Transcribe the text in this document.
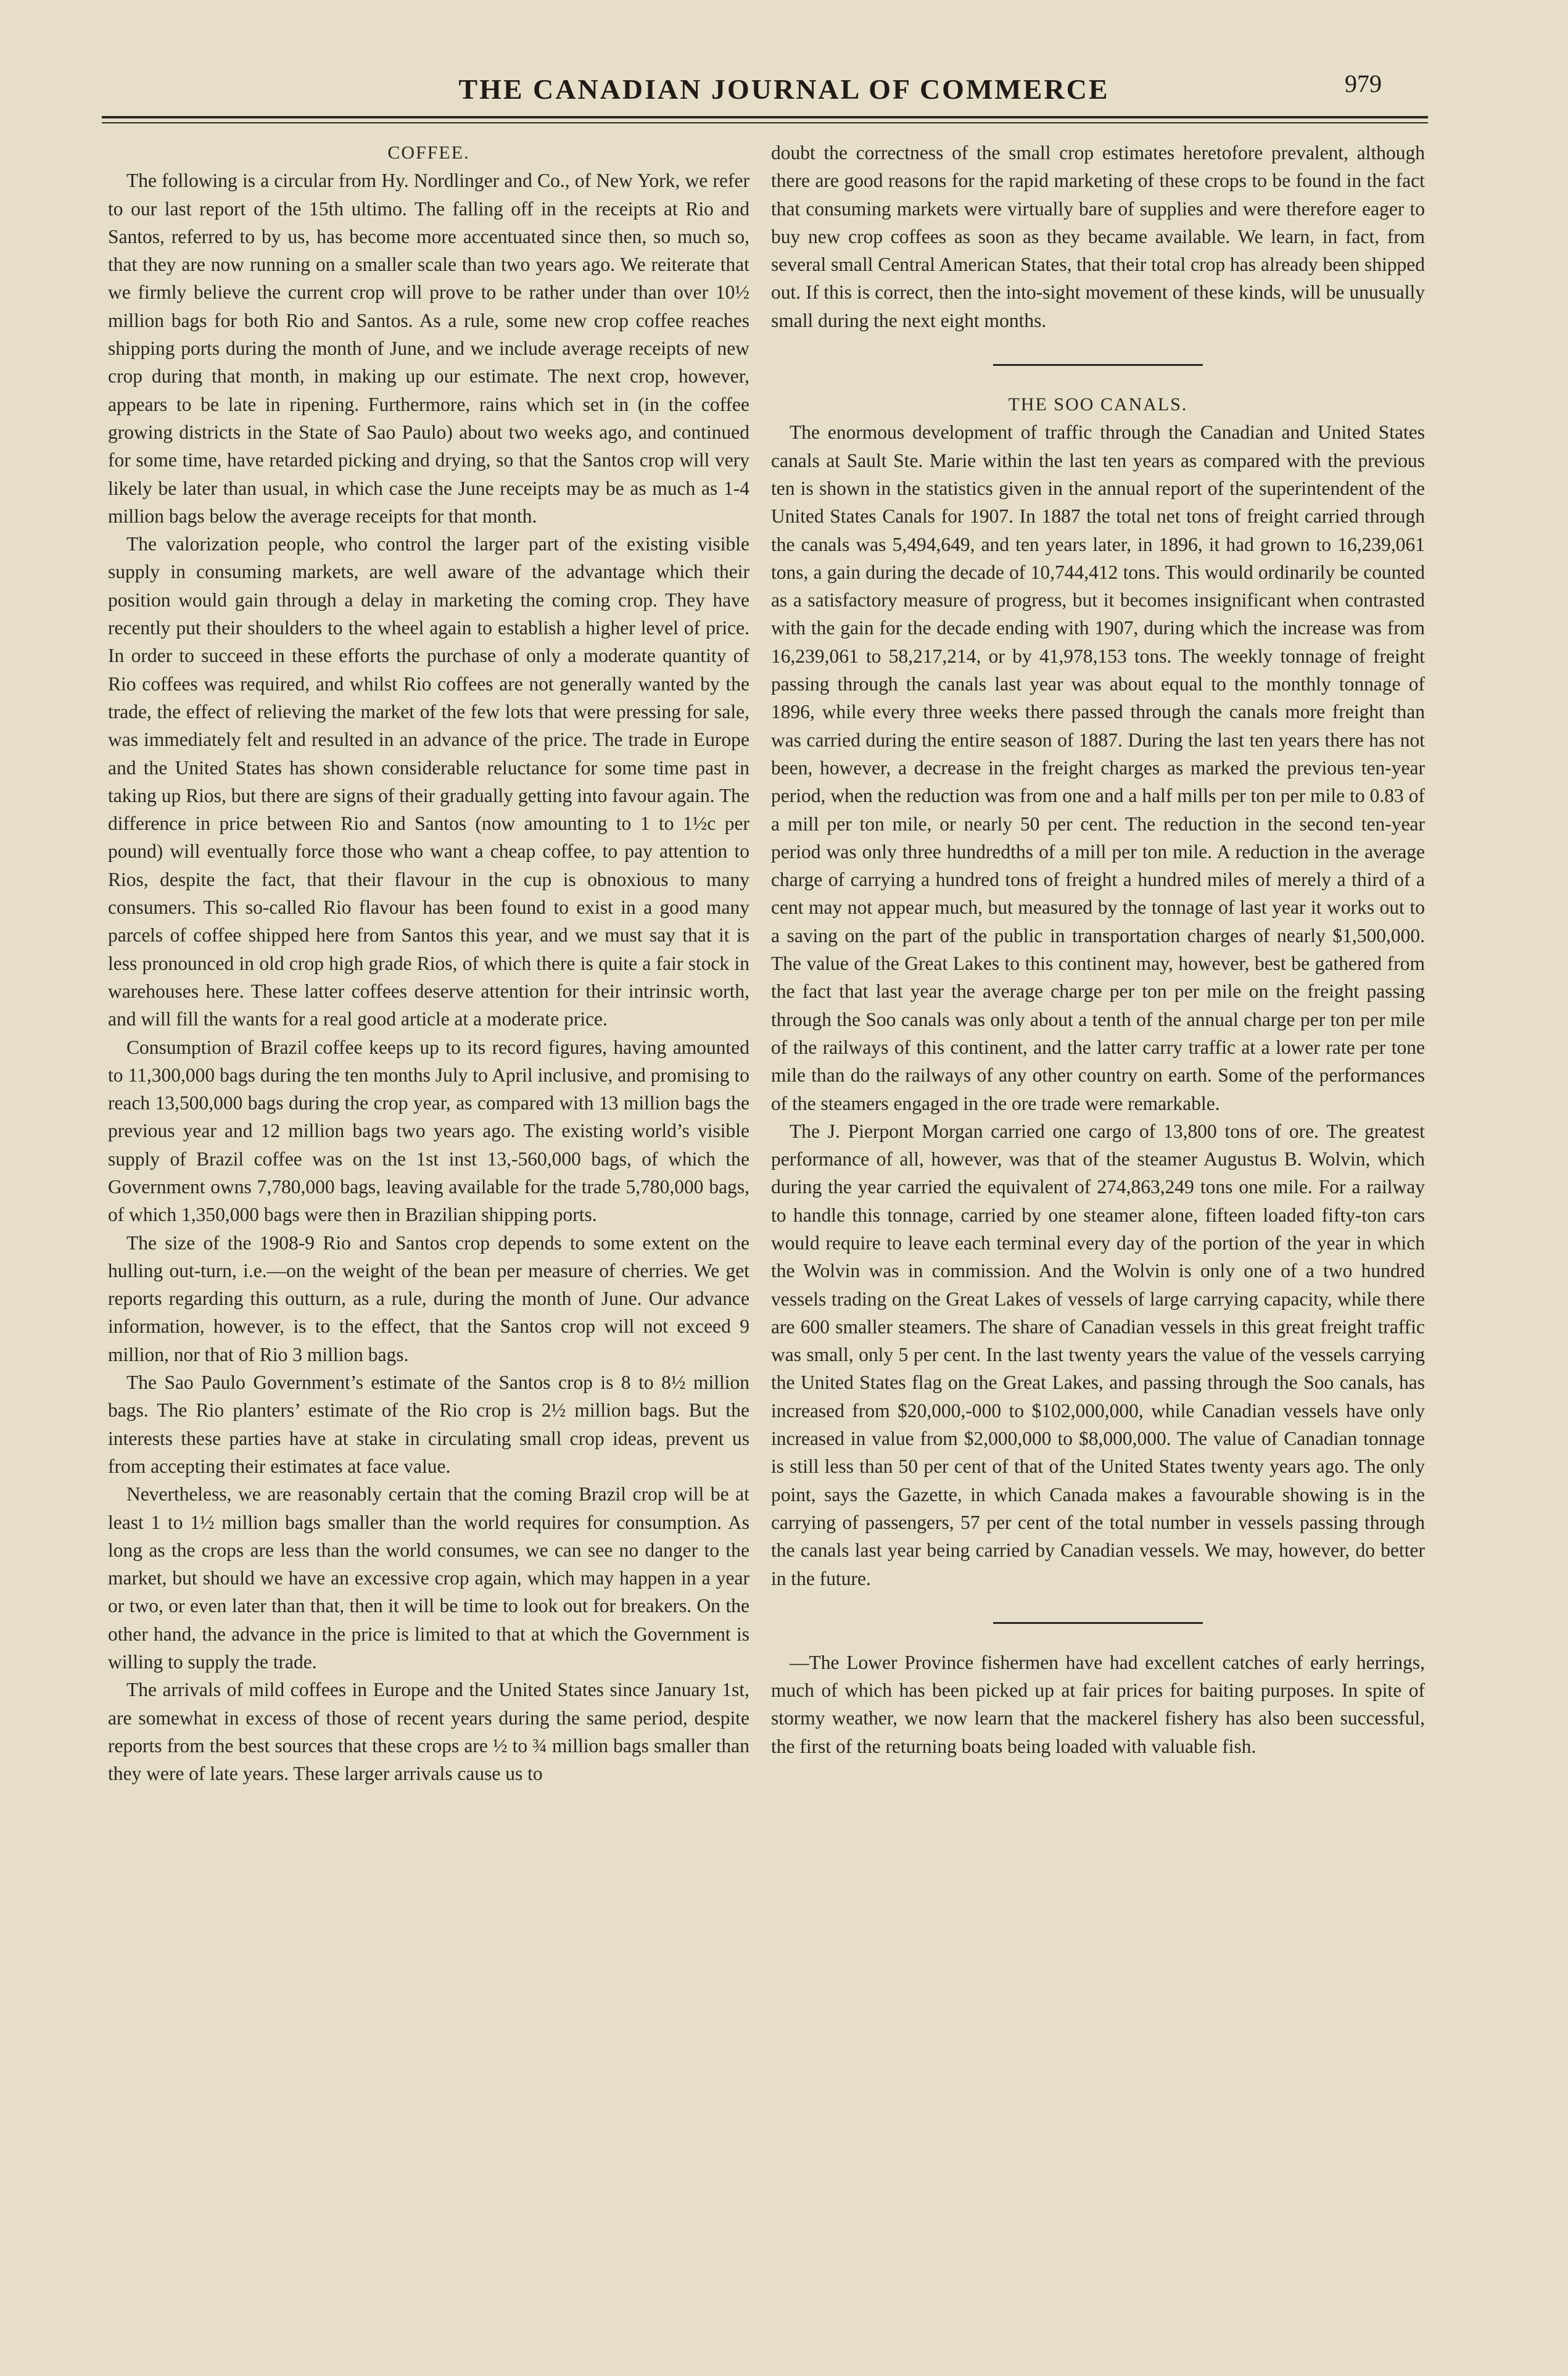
THE CANADIAN JOURNAL OF COMMERCE	979

COFFEE.

The following is a circular from Hy. Nordlinger and Co., of New York, we refer to our last report of the 15th ultimo. The falling off in the receipts at Rio and Santos, referred to by us, has become more accentuated since then, so much so, that they are now running on a smaller scale than two years ago. We reiterate that we firmly believe the current crop will prove to be rather under than over 10½ million bags for both Rio and Santos. As a rule, some new crop coffee reaches shipping ports during the month of June, and we include average receipts of new crop during that month, in making up our estimate. The next crop, however, appears to be late in ripening. Furthermore, rains which set in (in the coffee growing districts in the State of Sao Paulo) about two weeks ago, and continued for some time, have retarded picking and drying, so that the Santos crop will very likely be later than usual, in which case the June receipts may be as much as 1-4 million bags below the average receipts for that month.

The valorization people, who control the larger part of the existing visible supply in consuming markets, are well aware of the advantage which their position would gain through a delay in marketing the coming crop. They have recently put their shoulders to the wheel again to establish a higher level of price. In order to succeed in these efforts the purchase of only a moderate quantity of Rio coffees was required, and whilst Rio coffees are not generally wanted by the trade, the effect of relieving the market of the few lots that were pressing for sale, was immediately felt and resulted in an advance of the price. The trade in Europe and the United States has shown considerable reluctance for some time past in taking up Rios, but there are signs of their gradually getting into favour again. The difference in price between Rio and Santos (now amounting to 1 to 1½c per pound) will eventually force those who want a cheap coffee, to pay attention to Rios, despite the fact, that their flavour in the cup is obnoxious to many consumers. This so-called Rio flavour has been found to exist in a good many parcels of coffee shipped here from Santos this year, and we must say that it is less pronounced in old crop high grade Rios, of which there is quite a fair stock in warehouses here. These latter coffees deserve attention for their intrinsic worth, and will fill the wants for a real good article at a moderate price.

Consumption of Brazil coffee keeps up to its record figures, having amounted to 11,300,000 bags during the ten months July to April inclusive, and promising to reach 13,500,000 bags during the crop year, as compared with 13 million bags the previous year and 12 million bags two years ago. The existing world’s visible supply of Brazil coffee was on the 1st inst 13,-560,000 bags, of which the Government owns 7,780,000 bags, leaving available for the trade 5,780,000 bags, of which 1,350,000 bags were then in Brazilian shipping ports.

The size of the 1908-9 Rio and Santos crop depends to some extent on the hulling out-turn, i.e.—on the weight of the bean per measure of cherries. We get reports regarding this outturn, as a rule, during the month of June. Our advance information, however, is to the effect, that the Santos crop will not exceed 9 million, nor that of Rio 3 million bags.

The Sao Paulo Government’s estimate of the Santos crop is 8 to 8½ million bags. The Rio planters’ estimate of the Rio crop is 2½ million bags. But the interests these parties have at stake in circulating small crop ideas, prevent us from accepting their estimates at face value.

Nevertheless, we are reasonably certain that the coming Brazil crop will be at least 1 to 1½ million bags smaller than the world requires for consumption. As long as the crops are less than the world consumes, we can see no danger to the market, but should we have an excessive crop again, which may happen in a year or two, or even later than that, then it will be time to look out for breakers. On the other hand, the advance in the price is limited to that at which the Government is willing to supply the trade.

The arrivals of mild coffees in Europe and the United States since January 1st, are somewhat in excess of those of recent years during the same period, despite reports from the best sources that these crops are ½ to ¾ million bags smaller than they were of late years. These larger arrivals cause us to

doubt the correctness of the small crop estimates heretofore prevalent, although there are good reasons for the rapid marketing of these crops to be found in the fact that consuming markets were virtually bare of supplies and were therefore eager to buy new crop coffees as soon as they became available. We learn, in fact, from several small Central American States, that their total crop has already been shipped out. If this is correct, then the into-sight movement of these kinds, will be unusually small during the next eight months.

THE SOO CANALS.

The enormous development of traffic through the Canadian and United States canals at Sault Ste. Marie within the last ten years as compared with the previous ten is shown in the statistics given in the annual report of the superintendent of the United States Canals for 1907. In 1887 the total net tons of freight carried through the canals was 5,494,649, and ten years later, in 1896, it had grown to 16,239,061 tons, a gain during the decade of 10,744,412 tons. This would ordinarily be counted as a satisfactory measure of progress, but it becomes insignificant when contrasted with the gain for the decade ending with 1907, during which the increase was from 16,239,061 to 58,217,214, or by 41,978,153 tons. The weekly tonnage of freight passing through the canals last year was about equal to the monthly tonnage of 1896, while every three weeks there passed through the canals more freight than was carried during the entire season of 1887. During the last ten years there has not been, however, a decrease in the freight charges as marked the previous ten-year period, when the reduction was from one and a half mills per ton per mile to 0.83 of a mill per ton mile, or nearly 50 per cent. The reduction in the second ten-year period was only three hundredths of a mill per ton mile. A reduction in the average charge of carrying a hundred tons of freight a hundred miles of merely a third of a cent may not appear much, but measured by the tonnage of last year it works out to a saving on the part of the public in transportation charges of nearly $1,500,000. The value of the Great Lakes to this continent may, however, best be gathered from the fact that last year the average charge per ton per mile on the freight passing through the Soo canals was only about a tenth of the annual charge per ton per mile of the railways of this continent, and the latter carry traffic at a lower rate per tone mile than do the railways of any other country on earth. Some of the performances of the steamers engaged in the ore trade were remarkable.

The J. Pierpont Morgan carried one cargo of 13,800 tons of ore. The greatest performance of all, however, was that of the steamer Augustus B. Wolvin, which during the year carried the equivalent of 274,863,249 tons one mile. For a railway to handle this tonnage, carried by one steamer alone, fifteen loaded fifty-ton cars would require to leave each terminal every day of the portion of the year in which the Wolvin was in commission. And the Wolvin is only one of a two hundred vessels trading on the Great Lakes of vessels of large carrying capacity, while there are 600 smaller steamers. The share of Canadian vessels in this great freight traffic was small, only 5 per cent. In the last twenty years the value of the vessels carrying the United States flag on the Great Lakes, and passing through the Soo canals, has increased from $20,000,-000 to $102,000,000, while Canadian vessels have only increased in value from $2,000,000 to $8,000,000. The value of Canadian tonnage is still less than 50 per cent of that of the United States twenty years ago. The only point, says the Gazette, in which Canada makes a favourable showing is in the carrying of passengers, 57 per cent of the total number in vessels passing through the canals last year being carried by Canadian vessels. We may, however, do better in the future.

—The Lower Province fishermen have had excellent catches of early herrings, much of which has been picked up at fair prices for baiting purposes. In spite of stormy weather, we now learn that the mackerel fishery has also been successful, the first of the returning boats being loaded with valuable fish.
